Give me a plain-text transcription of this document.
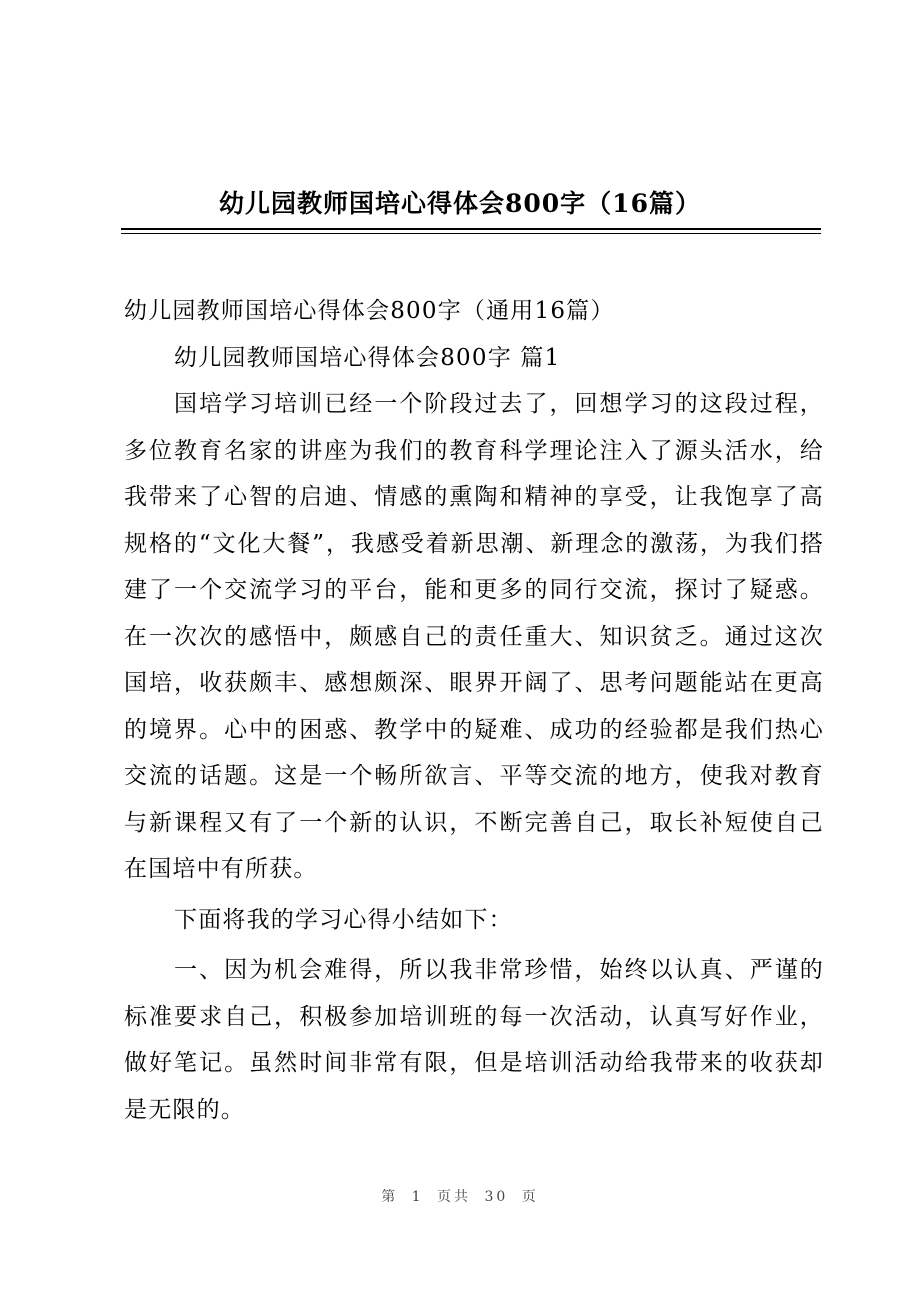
幼儿园教师国培心得体会800字（16篇）

幼儿园教师国培心得体会800字（通用16篇）

幼儿园教师国培心得体会800字 篇1

国培学习培训已经一个阶段过去了，回想学习的这段过程，多位教育名家的讲座为我们的教育科学理论注入了源头活水，给我带来了心智的启迪、情感的熏陶和精神的享受，让我饱享了高规格的“文化大餐”，我感受着新思潮、新理念的激荡，为我们搭建了一个交流学习的平台，能和更多的同行交流，探讨了疑惑。在一次次的感悟中，颇感自己的责任重大、知识贫乏。通过这次国培，收获颇丰、感想颇深、眼界开阔了、思考问题能站在更高的境界。心中的困惑、教学中的疑难、成功的经验都是我们热心交流的话题。这是一个畅所欲言、平等交流的地方，使我对教育与新课程又有了一个新的认识，不断完善自己，取长补短使自己在国培中有所获。

下面将我的学习心得小结如下：

一、因为机会难得，所以我非常珍惜，始终以认真、严谨的标准要求自己，积极参加培训班的每一次活动，认真写好作业，做好笔记。虽然时间非常有限，但是培训活动给我带来的收获却是无限的。

第 1 页共 30 页
